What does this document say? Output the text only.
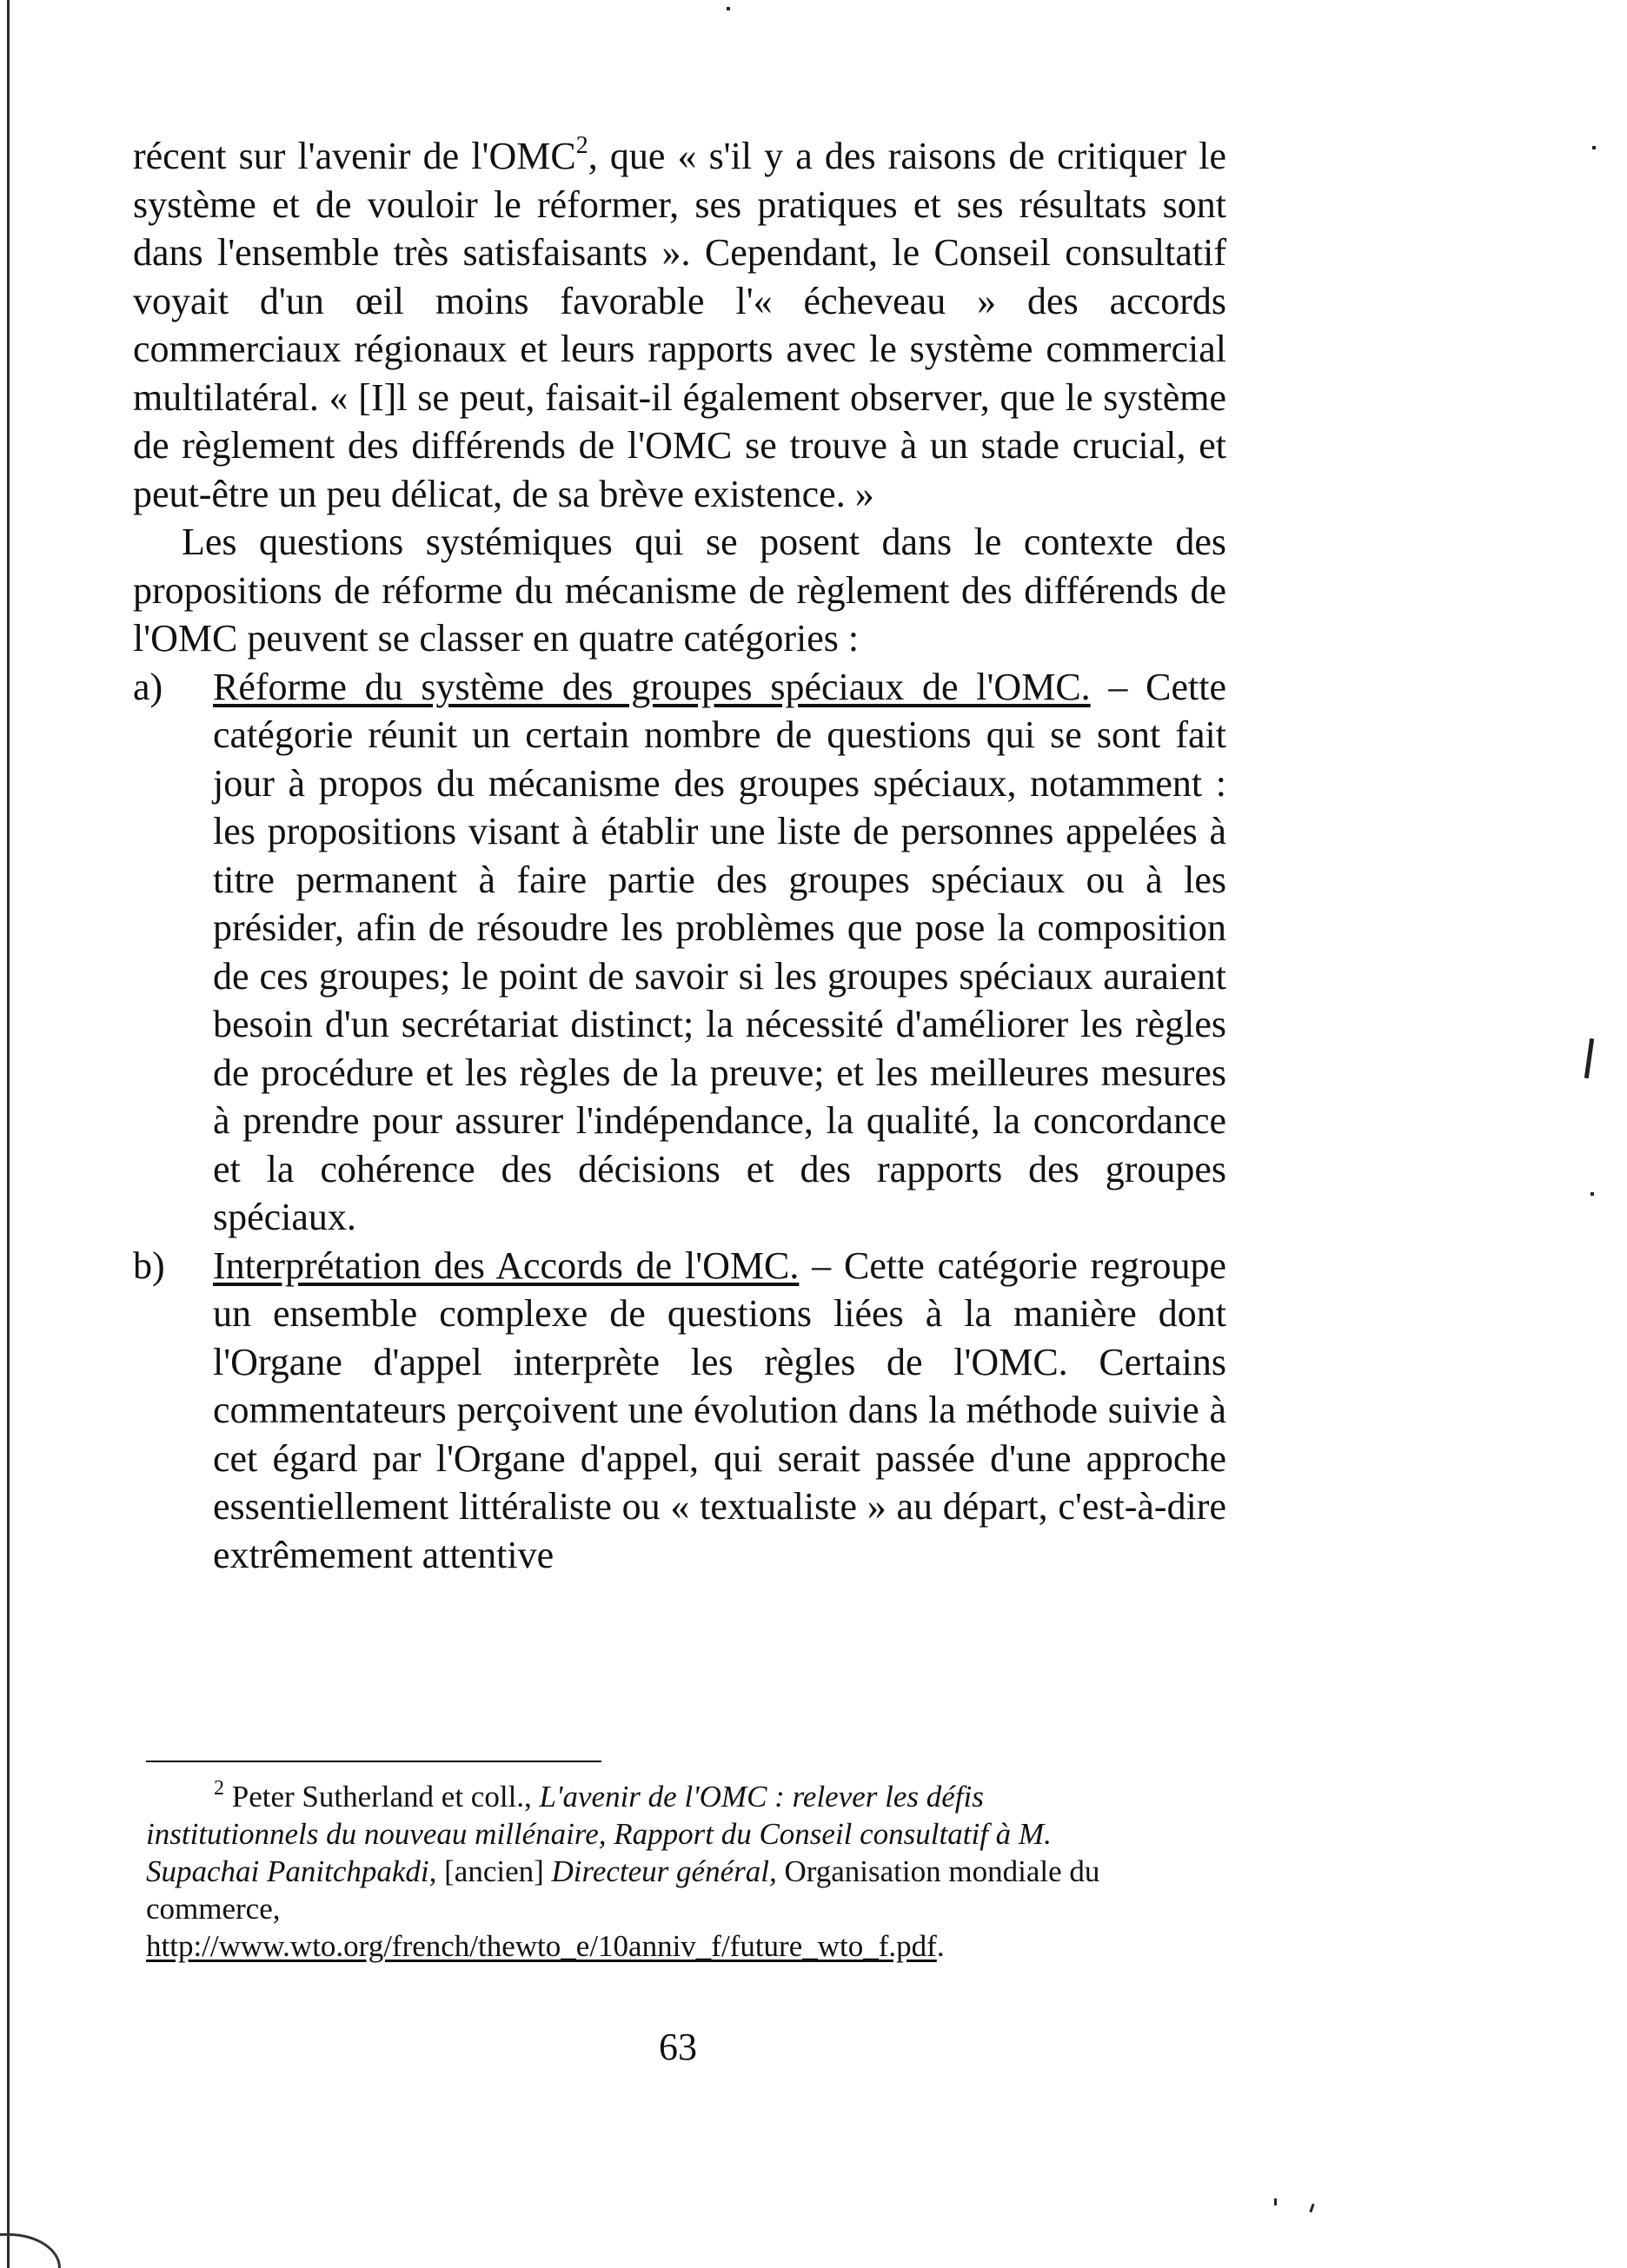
récent sur l'avenir de l'OMC$^2$, que « s'il y a des raisons de critiquer le système et de vouloir le réformer, ses pratiques et ses résultats sont dans l'ensemble très satisfaisants ». Cependant, le Conseil consultatif voyait d'un œil moins favorable l'« écheveau » des accords commerciaux régionaux et leurs rapports avec le système commercial multilatéral. « [I]l se peut, faisait-il également observer, que le système de règlement des différends de l'OMC se trouve à un stade crucial, et peut-être un peu délicat, de sa brève existence. »

Les questions systémiques qui se posent dans le contexte des propositions de réforme du mécanisme de règlement des différends de l'OMC peuvent se classer en quatre catégories :

a) Réforme du système des groupes spéciaux de l'OMC. – Cette catégorie réunit un certain nombre de questions qui se sont fait jour à propos du mécanisme des groupes spéciaux, notamment : les propositions visant à établir une liste de personnes appelées à titre permanent à faire partie des groupes spéciaux ou à les présider, afin de résoudre les problèmes que pose la composition de ces groupes; le point de savoir si les groupes spéciaux auraient besoin d'un secrétariat distinct; la nécessité d'améliorer les règles de procédure et les règles de la preuve; et les meilleures mesures à prendre pour assurer l'indépendance, la qualité, la concordance et la cohérence des décisions et des rapports des groupes spéciaux.

b) Interprétation des Accords de l'OMC. – Cette catégorie regroupe un ensemble complexe de questions liées à la manière dont l'Organe d'appel interprète les règles de l'OMC. Certains commentateurs perçoivent une évolution dans la méthode suivie à cet égard par l'Organe d'appel, qui serait passée d'une approche essentiellement littéraliste ou « textualiste » au départ, c'est-à-dire extrêmement attentive

$^2$ Peter Sutherland et coll., L'avenir de l'OMC : relever les défis institutionnels du nouveau millénaire, Rapport du Conseil consultatif à M. Supachai Panitchpakdi, [ancien] Directeur général, Organisation mondiale du commerce,

http://www.wto.org/french/thewto_e/10anniv_f/future_wto_f.pdf.

63
